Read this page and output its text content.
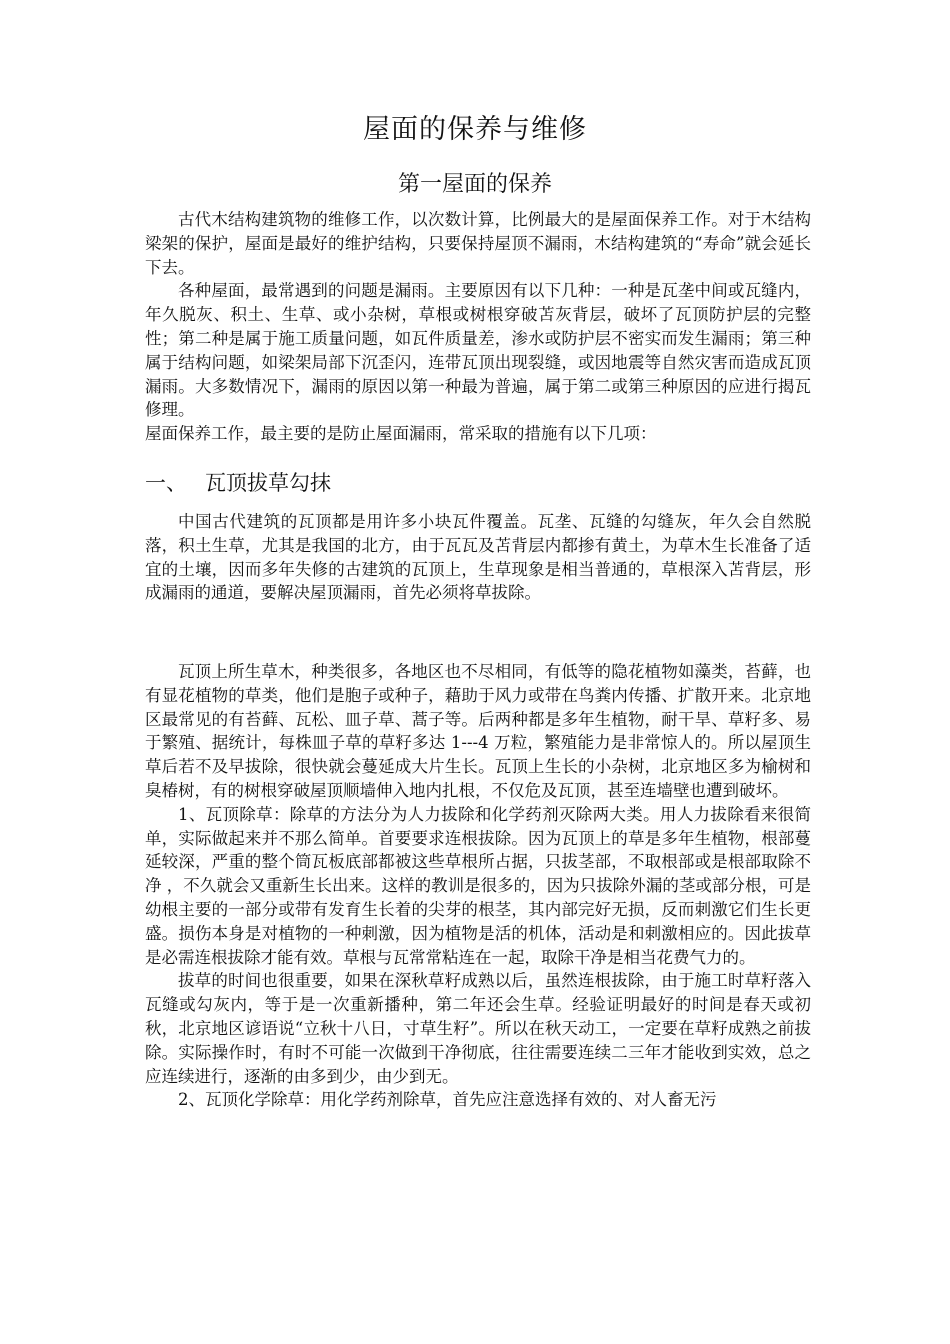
屋面的保养与维修
第一屋面的保养

古代木结构建筑物的维修工作，以次数计算，比例最大的是屋面保养工作。对于木结构梁架的保护，屋面是最好的维护结构，只要保持屋顶不漏雨，木结构建筑的“寿命”就会延长下去。

各种屋面，最常遇到的问题是漏雨。主要原因有以下几种：一种是瓦垄中间或瓦缝内，年久脱灰、积土、生草、或小杂树，草根或树根穿破苫灰背层，破坏了瓦顶防护层的完整性；第二种是属于施工质量问题，如瓦件质量差，渗水或防护层不密实而发生漏雨；第三种属于结构问题，如梁架局部下沉歪闪，连带瓦顶出现裂缝，或因地震等自然灾害而造成瓦顶漏雨。大多数情况下，漏雨的原因以第一种最为普遍，属于第二或第三种原因的应进行揭瓦修理。

屋面保养工作，最主要的是防止屋面漏雨，常采取的措施有以下几项：

一、 瓦顶拔草勾抹

中国古代建筑的瓦顶都是用许多小块瓦件覆盖。瓦垄、瓦缝的勾缝灰，年久会自然脱落，积土生草，尤其是我国的北方，由于瓦瓦及苫背层内都掺有黄土，为草木生长准备了适宜的土壤，因而多年失修的古建筑的瓦顶上，生草现象是相当普通的，草根深入苫背层，形成漏雨的通道，要解决屋顶漏雨，首先必须将草拔除。

瓦顶上所生草木，种类很多，各地区也不尽相同，有低等的隐花植物如藻类，苔藓，也有显花植物的草类，他们是胞子或种子，藉助于风力或带在鸟粪内传播、扩散开来。北京地区最常见的有苔藓、瓦松、皿子草、蒿子等。后两种都是多年生植物，耐干旱、草籽多、易于繁殖、据统计，每株皿子草的草籽多达 1---4 万粒，繁殖能力是非常惊人的。所以屋顶生草后若不及早拔除，很快就会蔓延成大片生长。瓦顶上生长的小杂树，北京地区多为榆树和臭椿树，有的树根穿破屋顶顺墙伸入地内扎根，不仅危及瓦顶，甚至连墙壁也遭到破坏。

1、瓦顶除草：除草的方法分为人力拔除和化学药剂灭除两大类。用人力拔除看来很简单，实际做起来并不那么简单。首要要求连根拔除。因为瓦顶上的草是多年生植物，根部蔓延较深，严重的整个筒瓦板底部都被这些草根所占据，只拔茎部，不取根部或是根部取除不净 ，不久就会又重新生长出来。这样的教训是很多的，因为只拔除外漏的茎或部分根，可是幼根主要的一部分或带有发育生长着的尖芽的根茎，其内部完好无损，反而刺激它们生长更盛。损伤本身是对植物的一种刺激，因为植物是活的机体，活动是和刺激相应的。因此拔草是必需连根拔除才能有效。草根与瓦常常粘连在一起，取除干净是相当花费气力的。

拔草的时间也很重要，如果在深秋草籽成熟以后，虽然连根拔除，由于施工时草籽落入瓦缝或勾灰内，等于是一次重新播种，第二年还会生草。经验证明最好的时间是春天或初秋，北京地区谚语说“立秋十八日，寸草生籽”。所以在秋天动工，一定要在草籽成熟之前拔除。实际操作时，有时不可能一次做到干净彻底，往往需要连续二三年才能收到实效，总之应连续进行，逐渐的由多到少，由少到无。

2、瓦顶化学除草：用化学药剂除草，首先应注意选择有效的、对人畜无污
